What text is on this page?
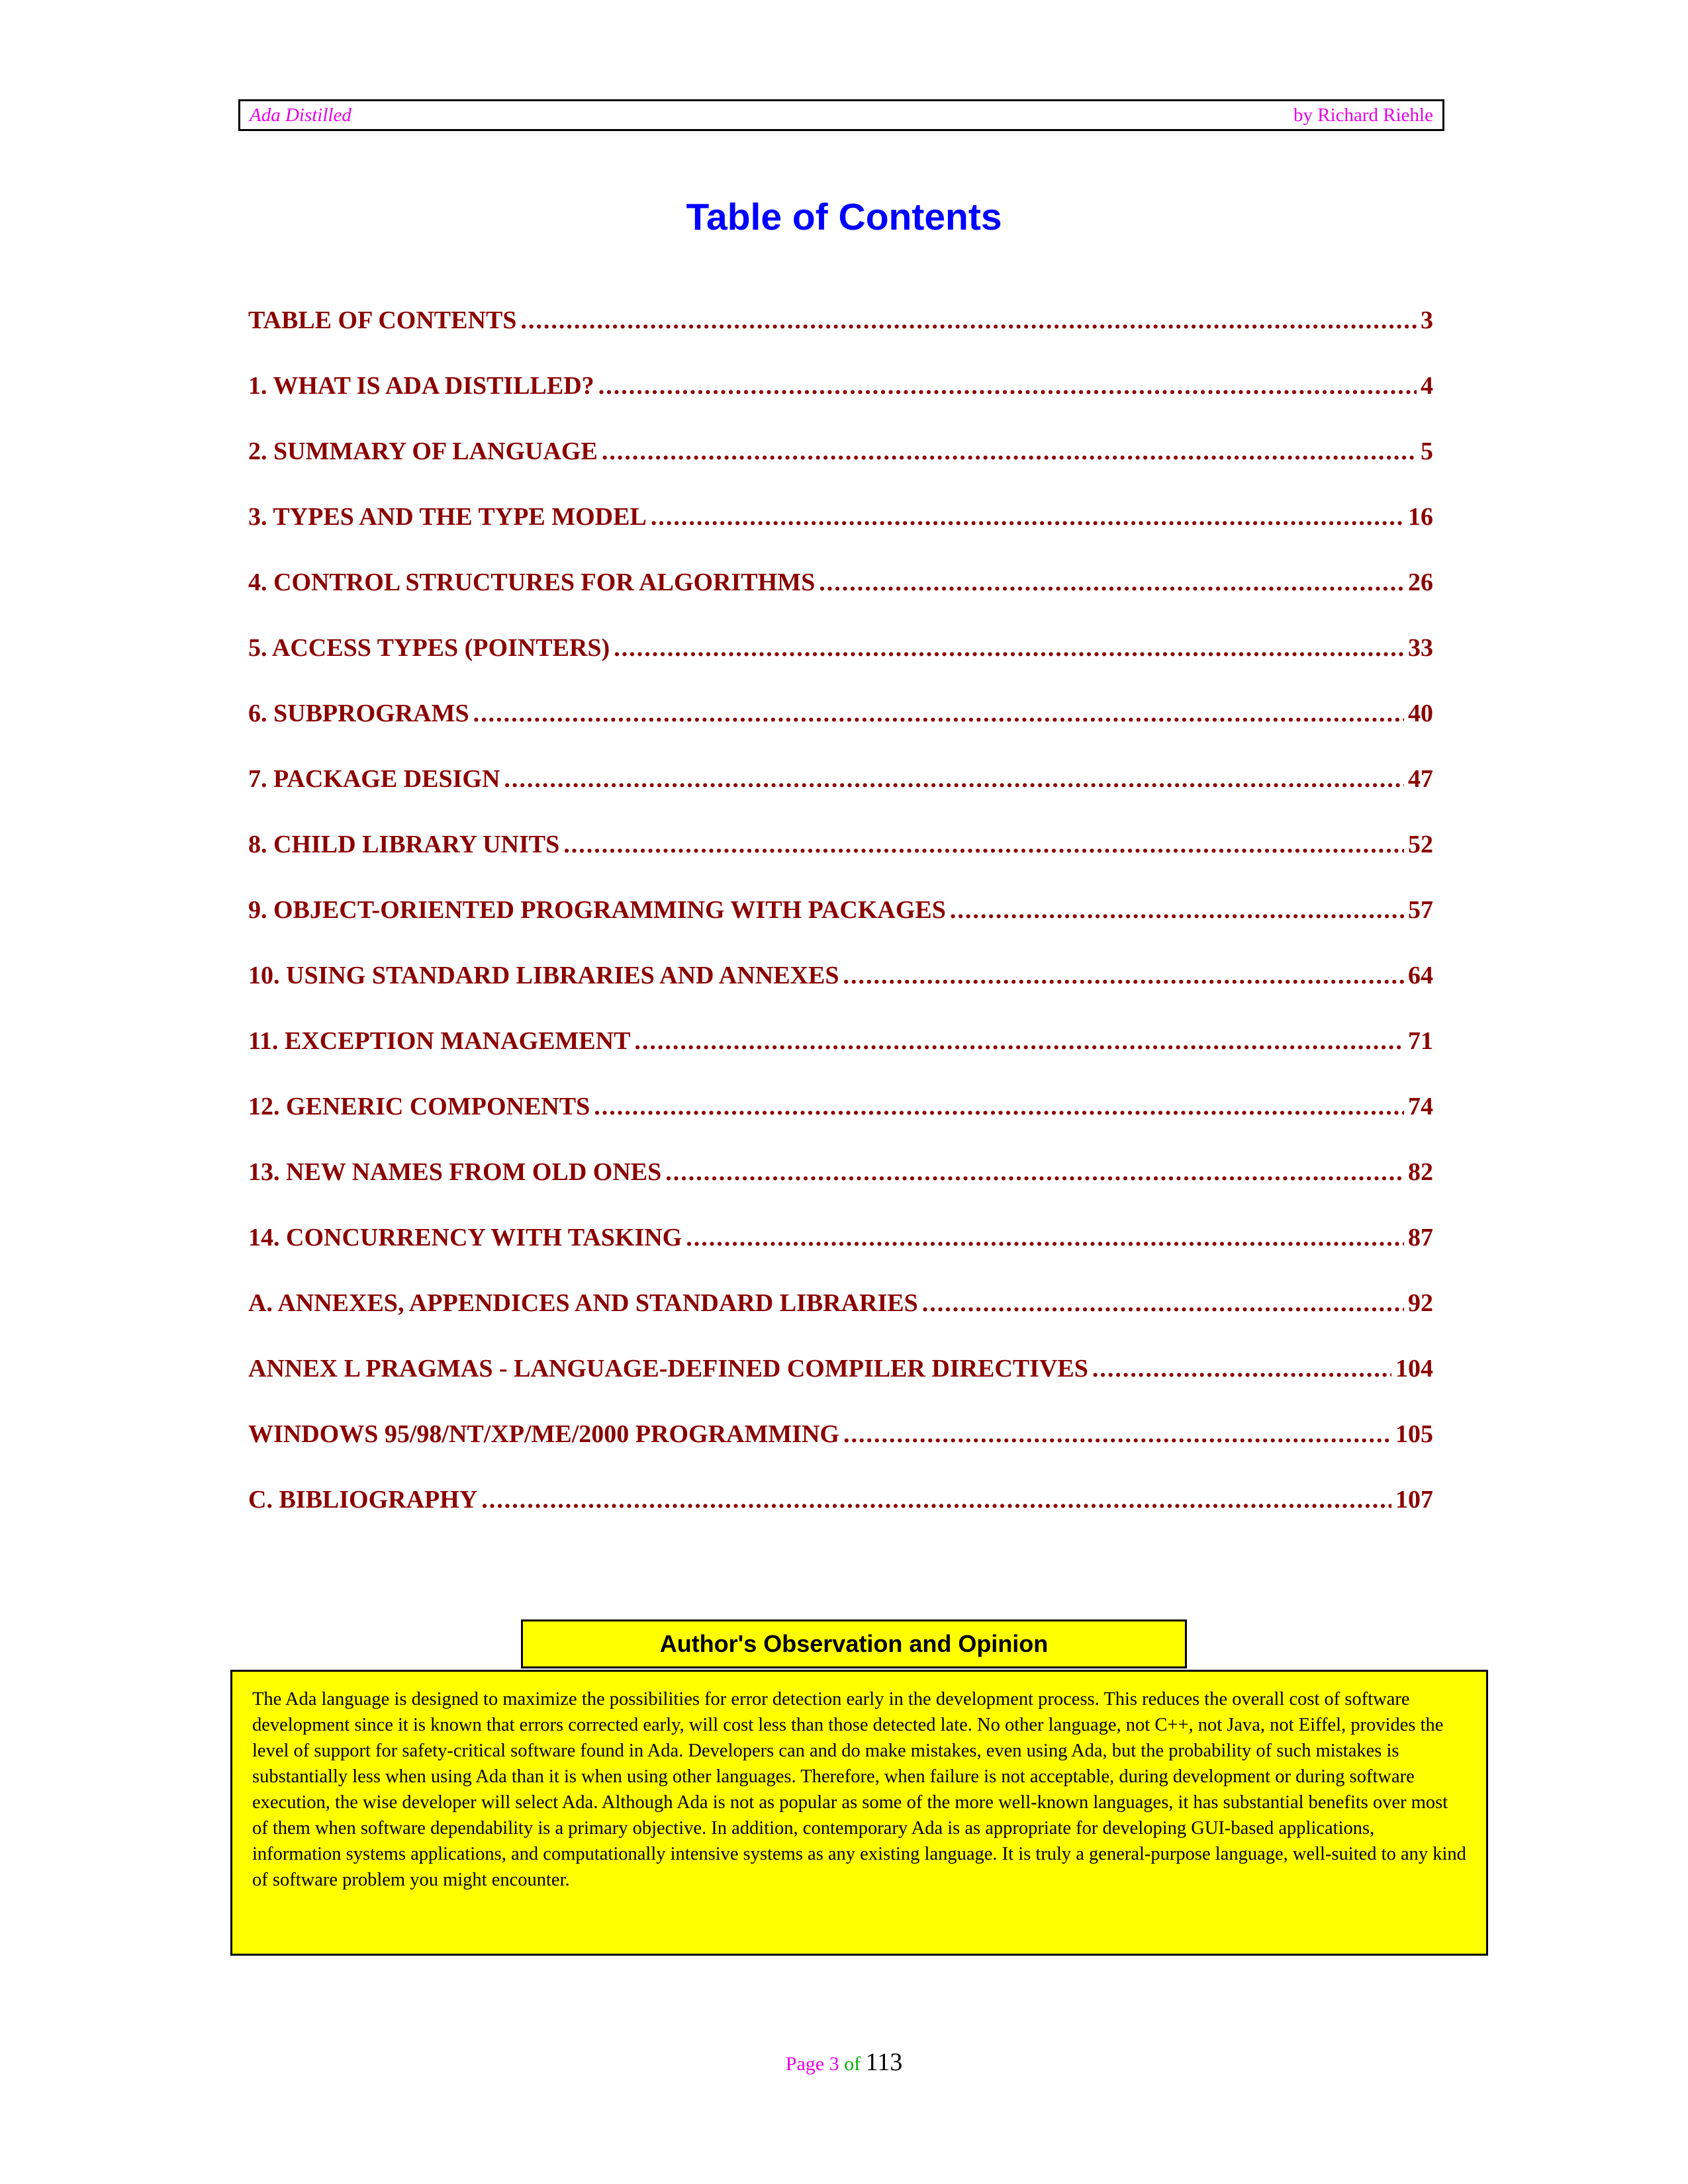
Ada Distilled	by Richard Riehle
Table of Contents
TABLE OF CONTENTS .....	3
1. WHAT IS ADA DISTILLED? .....	4
2. SUMMARY OF LANGUAGE .....	5
3. TYPES AND THE TYPE MODEL .....	16
4. CONTROL STRUCTURES FOR ALGORITHMS .....	26
5. ACCESS TYPES (POINTERS) .....	33
6. SUBPROGRAMS .....	40
7. PACKAGE DESIGN .....	47
8. CHILD LIBRARY UNITS .....	52
9. OBJECT-ORIENTED PROGRAMMING WITH PACKAGES .....	57
10. USING STANDARD LIBRARIES AND ANNEXES .....	64
11. EXCEPTION MANAGEMENT .....	71
12. GENERIC COMPONENTS .....	74
13. NEW NAMES FROM OLD ONES .....	82
14. CONCURRENCY WITH TASKING .....	87
A. ANNEXES, APPENDICES AND STANDARD LIBRARIES .....	92
ANNEX L PRAGMAS - LANGUAGE-DEFINED COMPILER DIRECTIVES .....	104
WINDOWS 95/98/NT/XP/ME/2000 PROGRAMMING .....	105
C. BIBLIOGRAPHY .....	107
Author's Observation and Opinion
The Ada language is designed to maximize the possibilities for error detection early in the development process. This reduces the overall cost of software development since it is known that errors corrected early, will cost less than those detected late. No other language, not C++, not Java, not Eiffel, provides the level of support for safety-critical software found in Ada. Developers can and do make mistakes, even using Ada, but the probability of such mistakes is substantially less when using Ada than it is when using other languages. Therefore, when failure is not acceptable, during development or during software execution, the wise developer will select Ada. Although Ada is not as popular as some of the more well-known languages, it has substantial benefits over most of them when software dependability is a primary objective. In addition, contemporary Ada is as appropriate for developing GUI-based applications, information systems applications, and computationally intensive systems as any existing language. It is truly a general-purpose language, well-suited to any kind of software problem you might encounter.
Page 3 of 113
